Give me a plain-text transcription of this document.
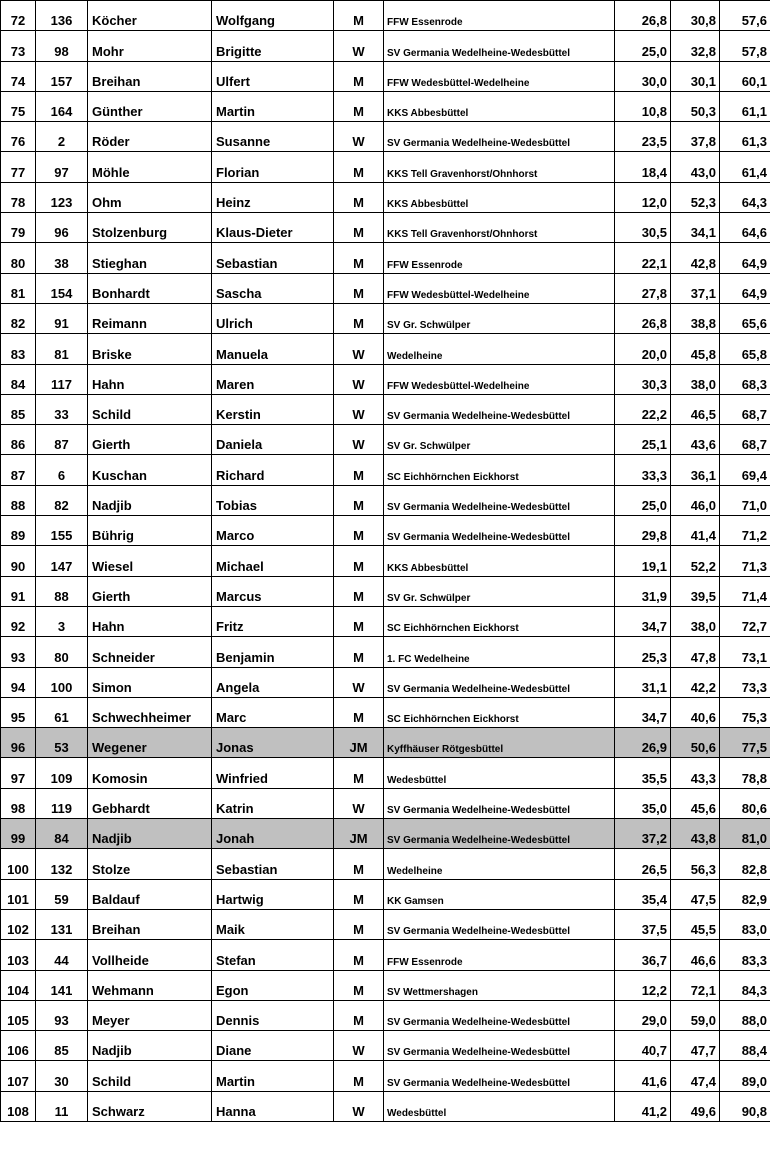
72	136	Köcher	Wolfgang	M	FFW Essenrode	26,8	30,8	57,6
73	98	Mohr	Brigitte	W	SV Germania Wedelheine-Wedesbüttel	25,0	32,8	57,8
74	157	Breihan	Ulfert	M	FFW Wedesbüttel-Wedelheine	30,0	30,1	60,1
75	164	Günther	Martin	M	KKS Abbesbüttel	10,8	50,3	61,1
76	2	Röder	Susanne	W	SV Germania Wedelheine-Wedesbüttel	23,5	37,8	61,3
77	97	Möhle	Florian	M	KKS Tell Gravenhorst/Ohnhorst	18,4	43,0	61,4
78	123	Ohm	Heinz	M	KKS Abbesbüttel	12,0	52,3	64,3
79	96	Stolzenburg	Klaus-Dieter	M	KKS Tell Gravenhorst/Ohnhorst	30,5	34,1	64,6
80	38	Stieghan	Sebastian	M	FFW Essenrode	22,1	42,8	64,9
81	154	Bonhardt	Sascha	M	FFW Wedesbüttel-Wedelheine	27,8	37,1	64,9
82	91	Reimann	Ulrich	M	SV Gr. Schwülper	26,8	38,8	65,6
83	81	Briske	Manuela	W	Wedelheine	20,0	45,8	65,8
84	117	Hahn	Maren	W	FFW Wedesbüttel-Wedelheine	30,3	38,0	68,3
85	33	Schild	Kerstin	W	SV Germania Wedelheine-Wedesbüttel	22,2	46,5	68,7
86	87	Gierth	Daniela	W	SV Gr. Schwülper	25,1	43,6	68,7
87	6	Kuschan	Richard	M	SC Eichhörnchen Eickhorst	33,3	36,1	69,4
88	82	Nadjib	Tobias	M	SV Germania Wedelheine-Wedesbüttel	25,0	46,0	71,0
89	155	Bührig	Marco	M	SV Germania Wedelheine-Wedesbüttel	29,8	41,4	71,2
90	147	Wiesel	Michael	M	KKS Abbesbüttel	19,1	52,2	71,3
91	88	Gierth	Marcus	M	SV Gr. Schwülper	31,9	39,5	71,4
92	3	Hahn	Fritz	M	SC Eichhörnchen Eickhorst	34,7	38,0	72,7
93	80	Schneider	Benjamin	M	1. FC Wedelheine	25,3	47,8	73,1
94	100	Simon	Angela	W	SV Germania Wedelheine-Wedesbüttel	31,1	42,2	73,3
95	61	Schwechheimer	Marc	M	SC Eichhörnchen Eickhorst	34,7	40,6	75,3
96	53	Wegener	Jonas	JM	Kyffhäuser Rötgesbüttel	26,9	50,6	77,5
97	109	Komosin	Winfried	M	Wedesbüttel	35,5	43,3	78,8
98	119	Gebhardt	Katrin	W	SV Germania Wedelheine-Wedesbüttel	35,0	45,6	80,6
99	84	Nadjib	Jonah	JM	SV Germania Wedelheine-Wedesbüttel	37,2	43,8	81,0
100	132	Stolze	Sebastian	M	Wedelheine	26,5	56,3	82,8
101	59	Baldauf	Hartwig	M	KK Gamsen	35,4	47,5	82,9
102	131	Breihan	Maik	M	SV Germania Wedelheine-Wedesbüttel	37,5	45,5	83,0
103	44	Vollheide	Stefan	M	FFW Essenrode	36,7	46,6	83,3
104	141	Wehmann	Egon	M	SV Wettmershagen	12,2	72,1	84,3
105	93	Meyer	Dennis	M	SV Germania Wedelheine-Wedesbüttel	29,0	59,0	88,0
106	85	Nadjib	Diane	W	SV Germania Wedelheine-Wedesbüttel	40,7	47,7	88,4
107	30	Schild	Martin	M	SV Germania Wedelheine-Wedesbüttel	41,6	47,4	89,0
108	11	Schwarz	Hanna	W	Wedesbüttel	41,2	49,6	90,8
